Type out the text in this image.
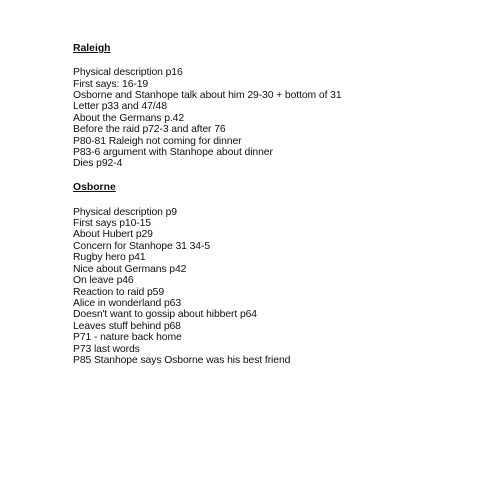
Raleigh
Physical description p16
First says: 16-19
Osborne and Stanhope talk about him 29-30 + bottom of 31
Letter p33 and 47/48
About the Germans p.42
Before the raid p72-3 and after 76
P80-81 Raleigh not coming for dinner
P83-6 argument with Stanhope about dinner
Dies p92-4
Osborne
Physical description p9
First says p10-15
About Hubert p29
Concern for Stanhope 31 34-5
Rugby hero p41
Nice about Germans p42
On leave p46
Reaction to raid p59
Alice in wonderland p63
Doesn't want to gossip about hibbert p64
Leaves stuff behind p68
P71 - nature back home
P73 last words
P85 Stanhope says Osborne was his best friend
